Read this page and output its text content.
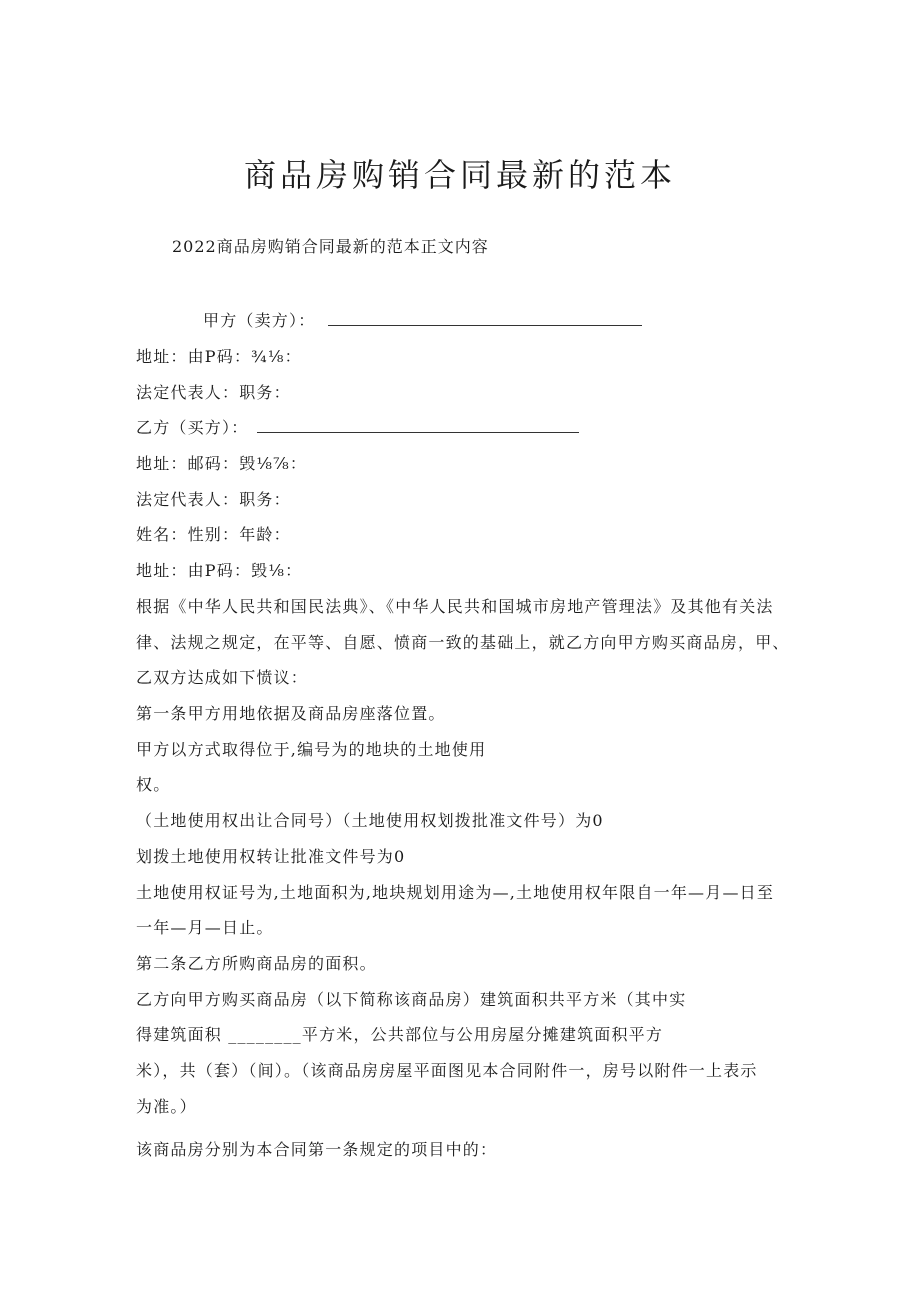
商品房购销合同最新的范本
2022商品房购销合同最新的范本正文内容
甲方（卖方）：
地址：由P码：¾⅛：
法定代表人：职务：
乙方（买方）：
地址：邮码：毁⅛⅞：
法定代表人：职务：
姓名：性别：年龄：
地址：由P码：毁⅛：
根据《中华人民共和国民法典》、《中华人民共和国城市房地产管理法》及其他有关法
律、法规之规定，在平等、自愿、愤商一致的基础上，就乙方向甲方购买商品房，甲、
乙双方达成如下愤议：
第一条甲方用地依据及商品房座落位置。
甲方以方式取得位于,编号为的地块的土地使用
权。
（土地使用权出让合同号）（土地使用权划拨批准文件号）为0
划拨土地使用权转让批准文件号为0
土地使用权证号为,土地面积为,地块规划用途为—,土地使用权年限自一年—月—日至
一年—月—日止。
第二条乙方所购商品房的面积。
乙方向甲方购买商品房（以下简称该商品房）建筑面积共平方米（其中实
得建筑面积 ________平方米，公共部位与公用房屋分摊建筑面积平方
米），共（套）（间）。（该商品房房屋平面图见本合同附件一，房号以附件一上表示
为准。）
该商品房分别为本合同第一条规定的项目中的：
